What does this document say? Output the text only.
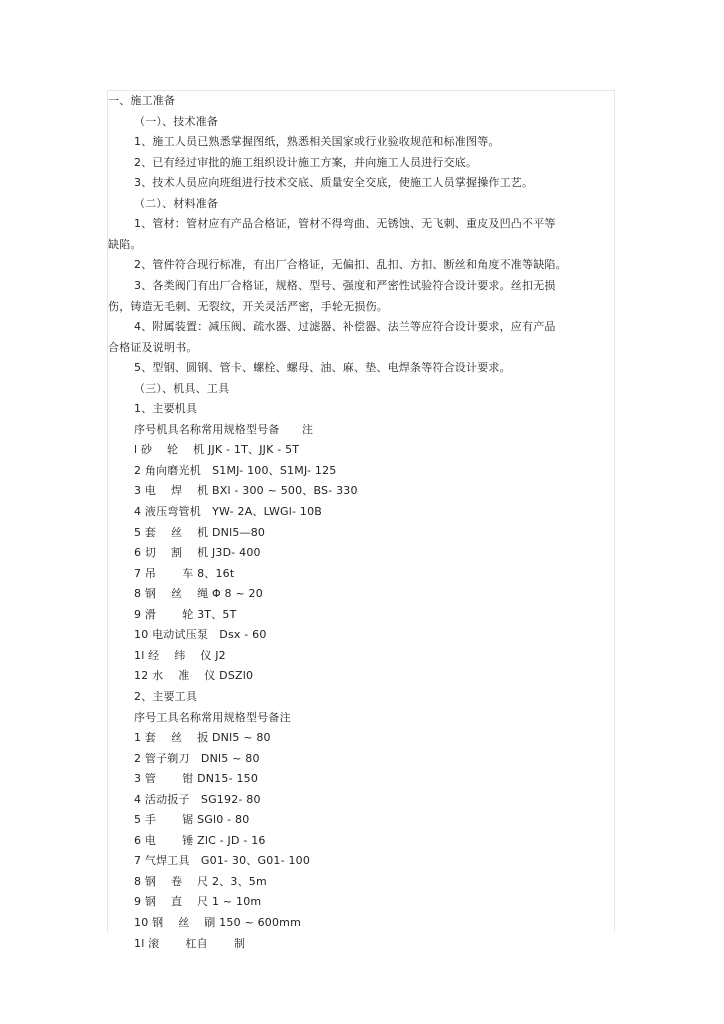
一、施工准备
（一）、技术准备
1、施工人员已熟悉掌握图纸，熟悉相关国家或行业验收规范和标准图等。
2、已有经过审批的施工组织设计施工方案，并向施工人员进行交底。
3、技术人员应向班组进行技术交底、质量安全交底，使施工人员掌握操作工艺。
（二）、材料准备
1、管材：管材应有产品合格证，管材不得弯曲、无锈蚀、无飞刺、重皮及凹凸不平等
缺陷。
2、管件符合现行标准，有出厂合格证，无偏扣、乱扣、方扣、断丝和角度不准等缺陷。
3、各类阀门有出厂合格证，规格、型号、强度和严密性试验符合设计要求。丝扣无损
伤，铸造无毛刺、无裂纹，开关灵活严密，手轮无损伤。
4、附属装置：减压阀、疏水器、过滤器、补偿器、法兰等应符合设计要求，应有产品
合格证及说明书。
5、型钢、圆钢、管卡、螺栓、螺母、油、麻、垫、电焊条等符合设计要求。
（三）、机具、工具
1、主要机具
序号机具名称常用规格型号备　　注
l 砂　 轮　 机 JJK - 1T、JJK - 5T
2 角向磨光机　S1MJ- 100、S1MJ- 125
3 电　 焊　 机 BXl - 300 ~ 500、BS- 330
4 液压弯管机　YW- 2A、LWGl- 10B
5 套　 丝　 机 DNl5—80
6 切　 割　 机 J3D- 400
7 吊　　 车 8、16t
8 钢　 丝　 绳 Φ 8 ~ 20
9 滑　　 轮 3T、5T
10 电动试压泵　Dsx - 60
1l 经　 纬　 仪 J2
12 水　 准　 仪 DSZl0
2、主要工具
序号工具名称常用规格型号备注
1 套　 丝　 扳 DNl5 ~ 80
2 管子剃刀　DNl5 ~ 80
3 管　　 钳 DN15- 150
4 活动扳子　SG192- 80
5 手　　 锯 SGl0 - 80
6 电　　 锤 ZlC - JD - 16
7 气焊工具　G01- 30、G01- 100
8 钢　 卷　 尺 2、3、5m
9 钢　 直　 尺 1 ~ 10m
10 钢　 丝　 刷 150 ~ 600mm
1l 滚　　 杠自　　 制
